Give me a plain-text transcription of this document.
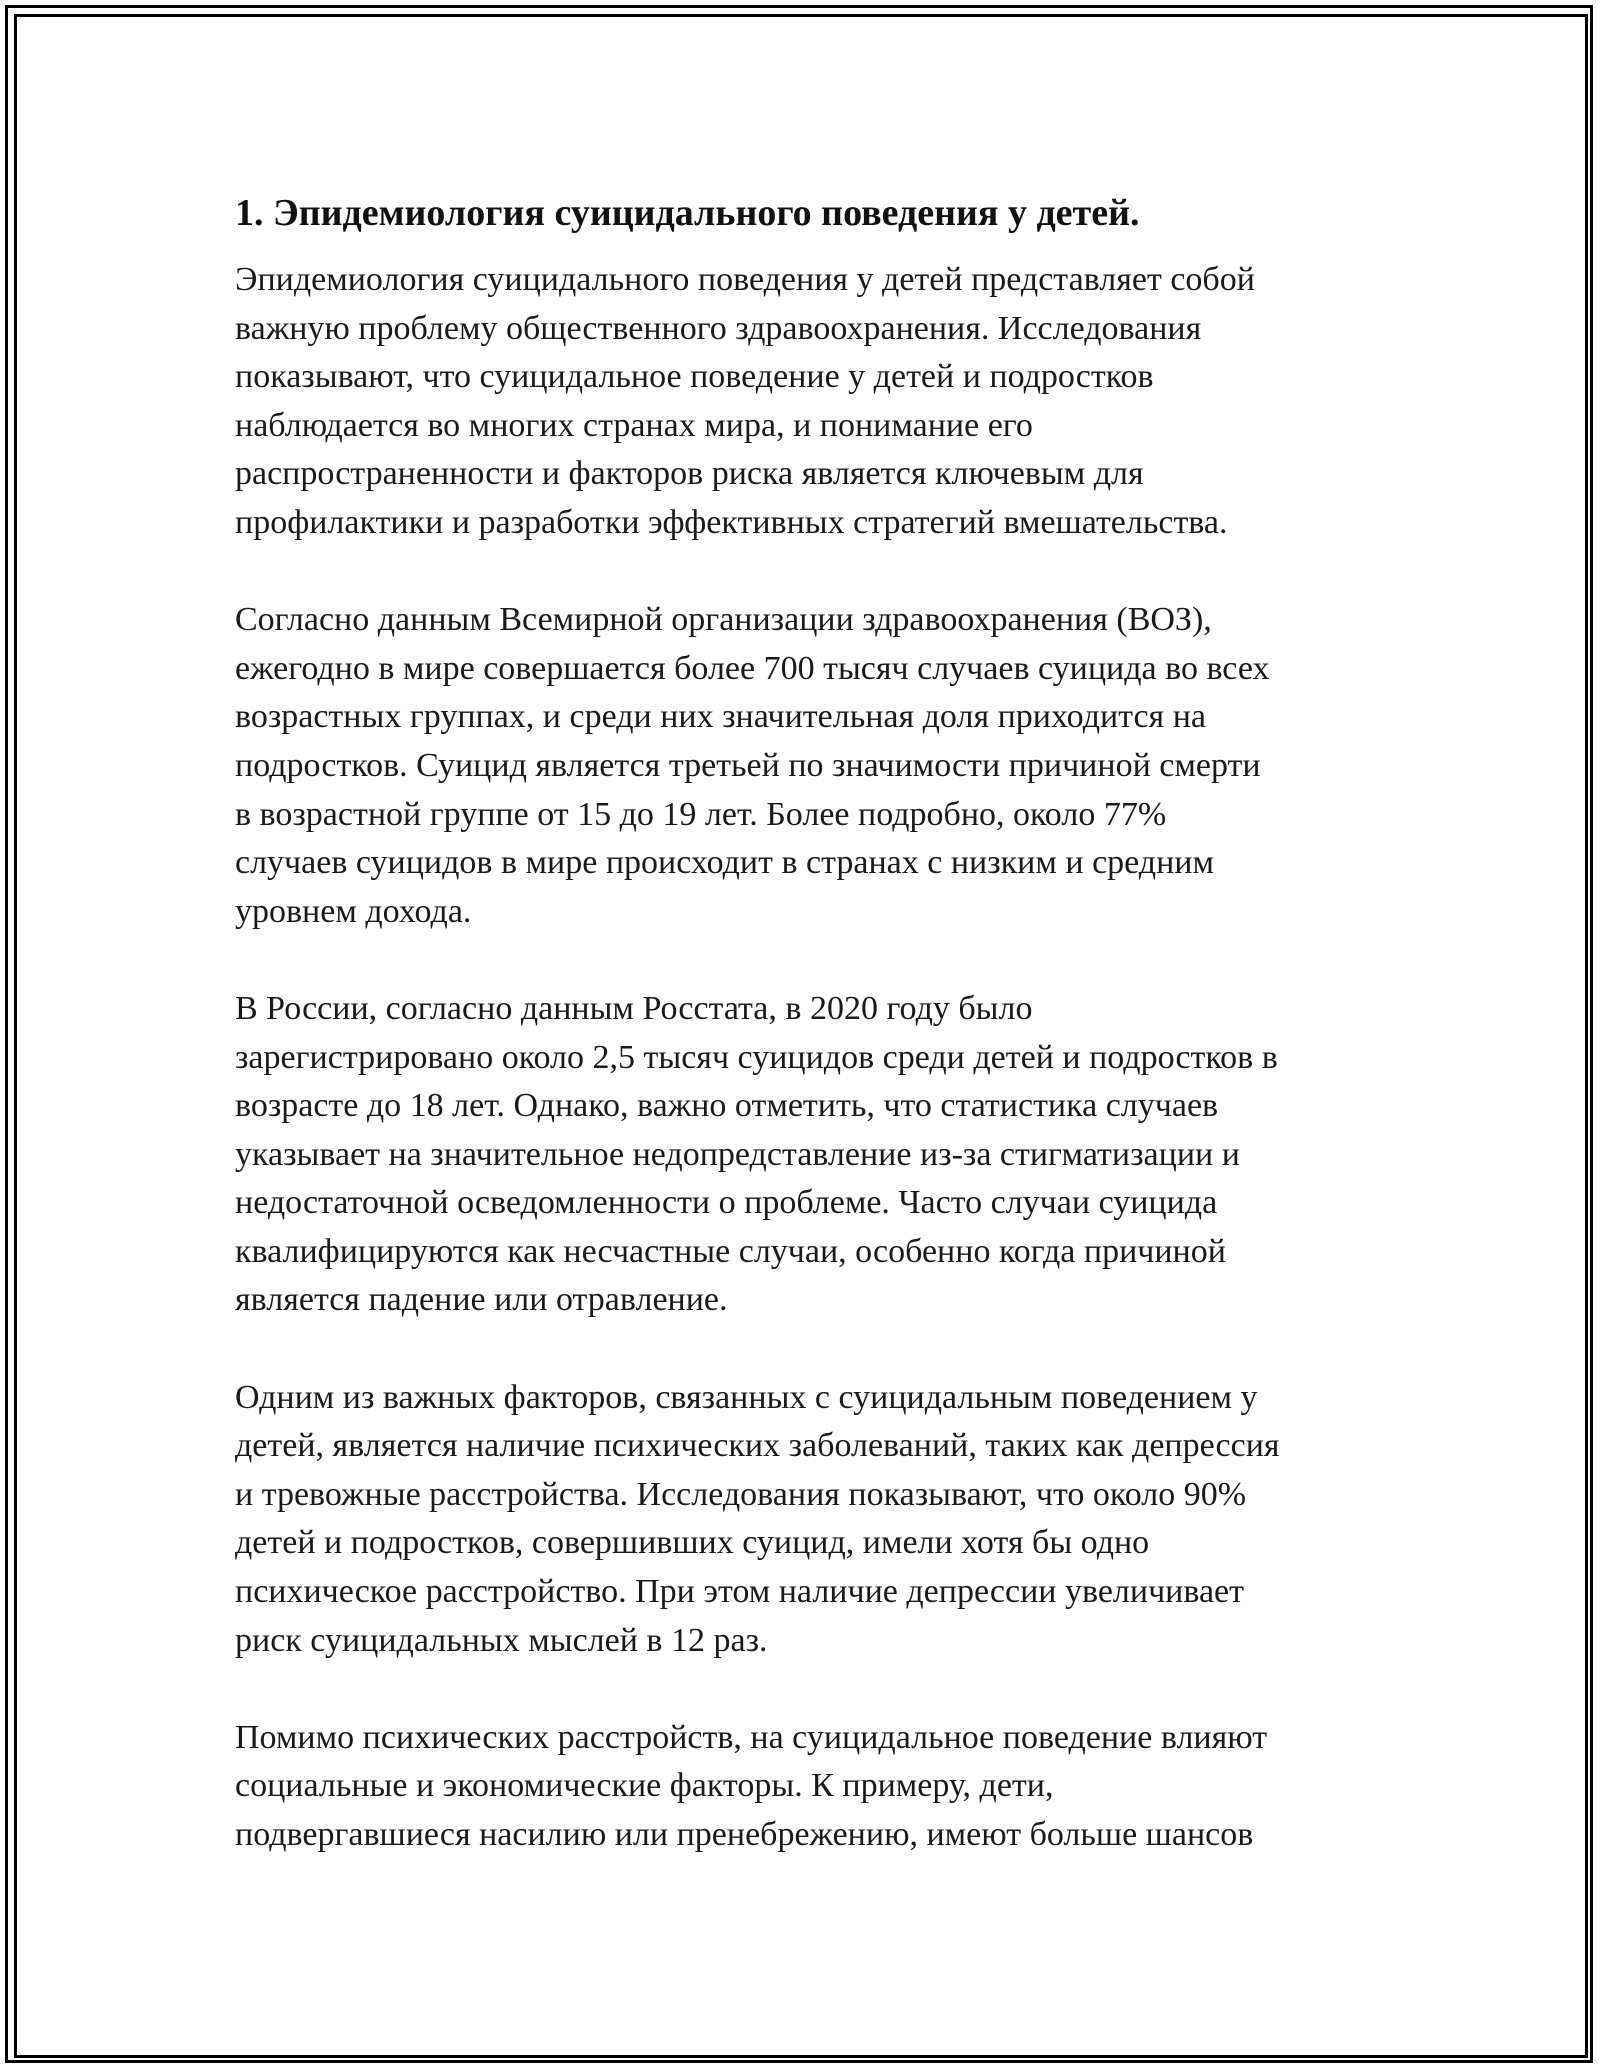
1. Эпидемиология суицидального поведения у детей.

Эпидемиология суицидального поведения у детей представляет собой
важную проблему общественного здравоохранения. Исследования
показывают, что суицидальное поведение у детей и подростков
наблюдается во многих странах мира, и понимание его
распространенности и факторов риска является ключевым для
профилактики и разработки эффективных стратегий вмешательства.

Согласно данным Всемирной организации здравоохранения (ВОЗ),
ежегодно в мире совершается более 700 тысяч случаев суицида во всех
возрастных группах, и среди них значительная доля приходится на
подростков. Суицид является третьей по значимости причиной смерти
в возрастной группе от 15 до 19 лет. Более подробно, около 77%
случаев суицидов в мире происходит в странах с низким и средним
уровнем дохода.

В России, согласно данным Росстата, в 2020 году было
зарегистрировано около 2,5 тысяч суицидов среди детей и подростков в
возрасте до 18 лет. Однако, важно отметить, что статистика случаев
указывает на значительное недопредставление из-за стигматизации и
недостаточной осведомленности о проблеме. Часто случаи суицида
квалифицируются как несчастные случаи, особенно когда причиной
является падение или отравление.

Одним из важных факторов, связанных с суицидальным поведением у
детей, является наличие психических заболеваний, таких как депрессия
и тревожные расстройства. Исследования показывают, что около 90%
детей и подростков, совершивших суицид, имели хотя бы одно
психическое расстройство. При этом наличие депрессии увеличивает
риск суицидальных мыслей в 12 раз.

Помимо психических расстройств, на суицидальное поведение влияют
социальные и экономические факторы. К примеру, дети,
подвергавшиеся насилию или пренебрежению, имеют больше шансов
